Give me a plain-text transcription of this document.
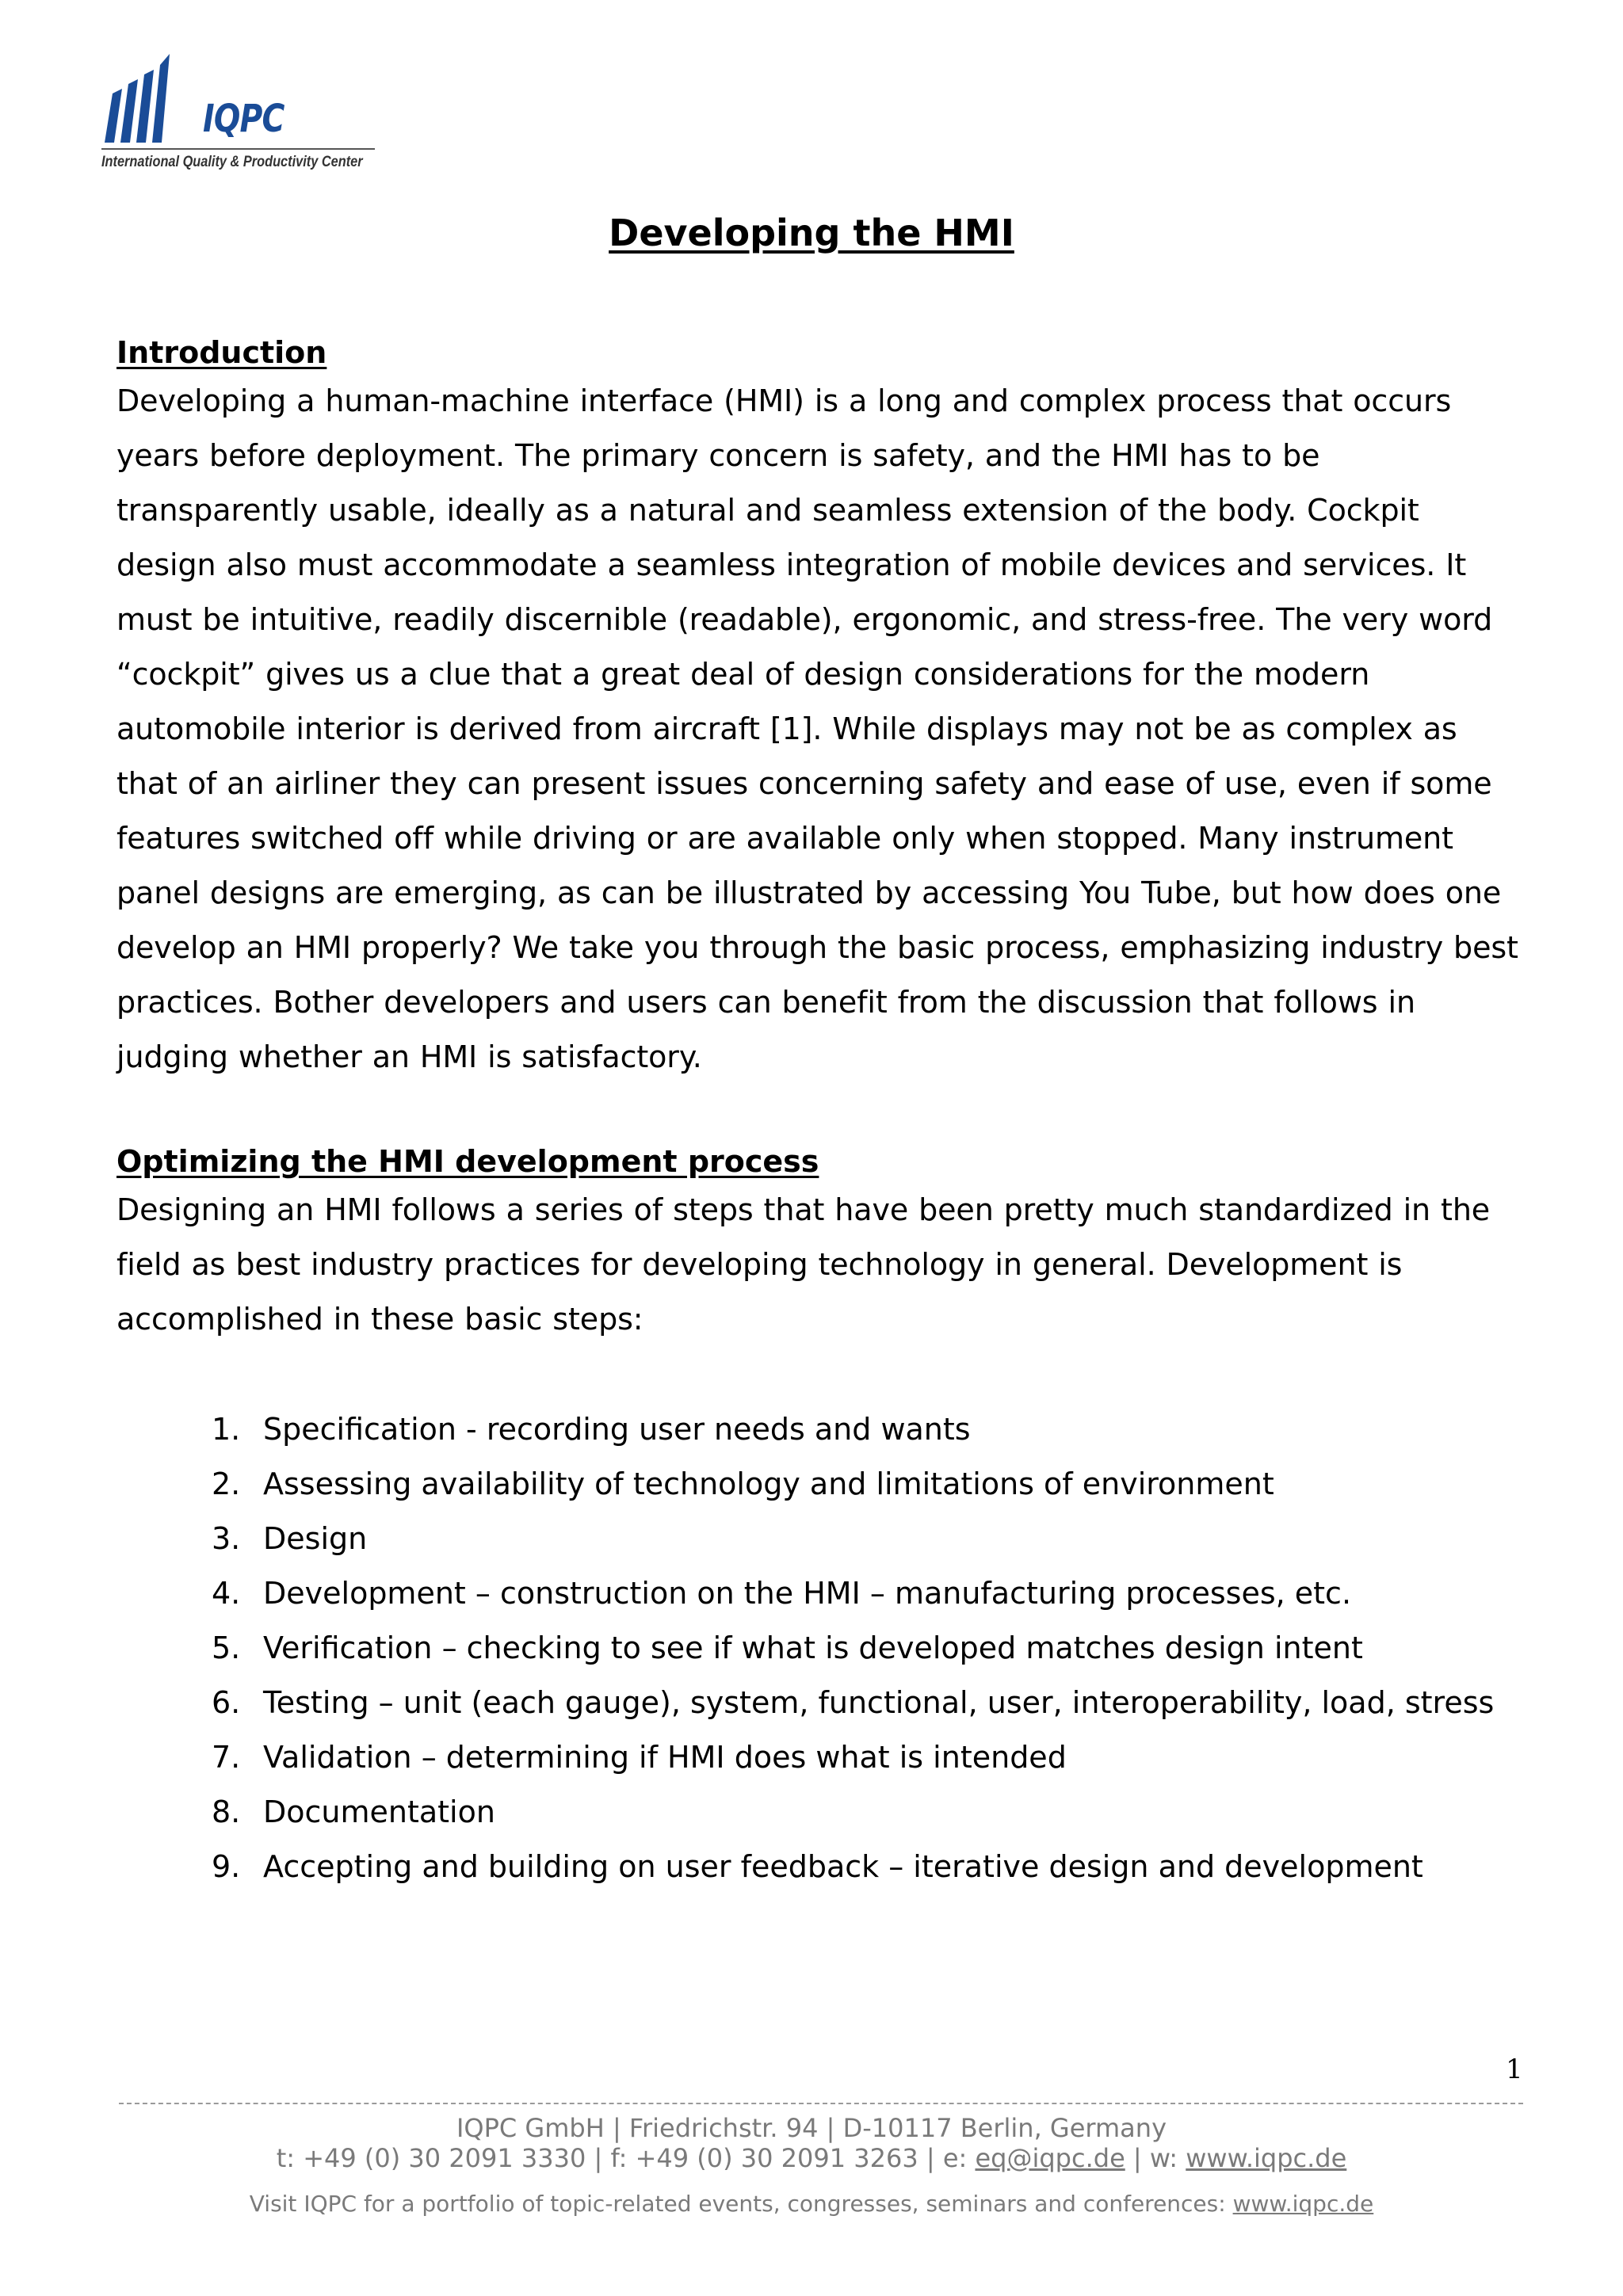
IQPC
International Quality & Productivity Center
Developing the HMI
Introduction

Developing a human-machine interface (HMI) is a long and complex process that occurs years before deployment. The primary concern is safety, and the HMI has to be transparently usable, ideally as a natural and seamless extension of the body. Cockpit design also must accommodate a seamless integration of mobile devices and services. It must be intuitive, readily discernible (readable), ergonomic, and stress-free. The very word “cockpit” gives us a clue that a great deal of design considerations for the modern automobile interior is derived from aircraft [1]. While displays may not be as complex as that of an airliner they can present issues concerning safety and ease of use, even if some features switched off while driving or are available only when stopped. Many instrument panel designs are emerging, as can be illustrated by accessing You Tube, but how does one develop an HMI properly? We take you through the basic process, emphasizing industry best practices. Bother developers and users can benefit from the discussion that follows in judging whether an HMI is satisfactory.

Optimizing the HMI development process

Designing an HMI follows a series of steps that have been pretty much standardized in the field as best industry practices for developing technology in general. Development is accomplished in these basic steps:

1. Specification - recording user needs and wants
2. Assessing availability of technology and limitations of environment
3. Design
4. Development – construction on the HMI – manufacturing processes, etc.
5. Verification – checking to see if what is developed matches design intent
6. Testing – unit (each gauge), system, functional, user, interoperability, load, stress
7. Validation – determining if HMI does what is intended
8. Documentation
9. Accepting and building on user feedback – iterative design and development
1
IQPC GmbH | Friedrichstr. 94 | D-10117 Berlin, Germany
t: +49 (0) 30 2091 3330 | f: +49 (0) 30 2091 3263 | e: eq@iqpc.de | w: www.iqpc.de
Visit IQPC for a portfolio of topic-related events, congresses, seminars and conferences: www.iqpc.de
